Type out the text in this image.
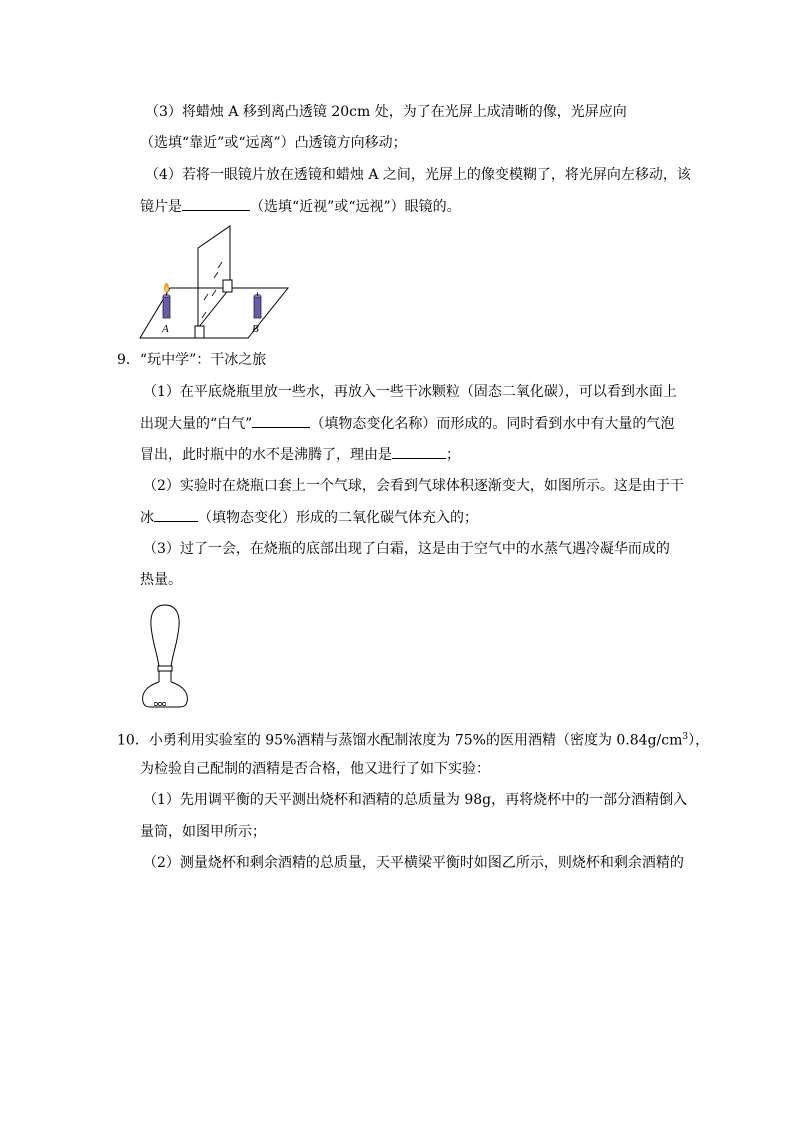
（3）将蜡烛 A 移到离凸透镜 20cm 处，为了在光屏上成清晰的像，光屏应向
（选填“靠近”或“远离”）凸透镜方向移动；
（4）若将一眼镜片放在透镜和蜡烛 A 之间，光屏上的像变模糊了，将光屏向左移动，该
镜片是	（选填“近视”或“远视”）眼镜的。
A	B
9．“玩中学”：干冰之旅
（1）在平底烧瓶里放一些水，再放入一些干冰颗粒（固态二氧化碳），可以看到水面上
出现大量的“白气”	（填物态变化名称）而形成的。同时看到水中有大量的气泡
冒出，此时瓶中的水不是沸腾了，理由是	；
（2）实验时在烧瓶口套上一个气球，会看到气球体积逐渐变大，如图所示。这是由于干
冰	（填物态变化）形成的二氧化碳气体充入的；
（3）过了一会，在烧瓶的底部出现了白霜，这是由于空气中的水蒸气遇冷凝华而成的
热量。
10．小勇利用实验室的 95%酒精与蒸馏水配制浓度为 75%的医用酒精（密度为 $0.84g/cm^3$），
为检验自己配制的酒精是否合格，他又进行了如下实验：
（1）先用调平衡的天平测出烧杯和酒精的总质量为 98g，再将烧杯中的一部分酒精倒入
量筒，如图甲所示；
（2）测量烧杯和剩余酒精的总质量，天平横梁平衡时如图乙所示，则烧杯和剩余酒精的
